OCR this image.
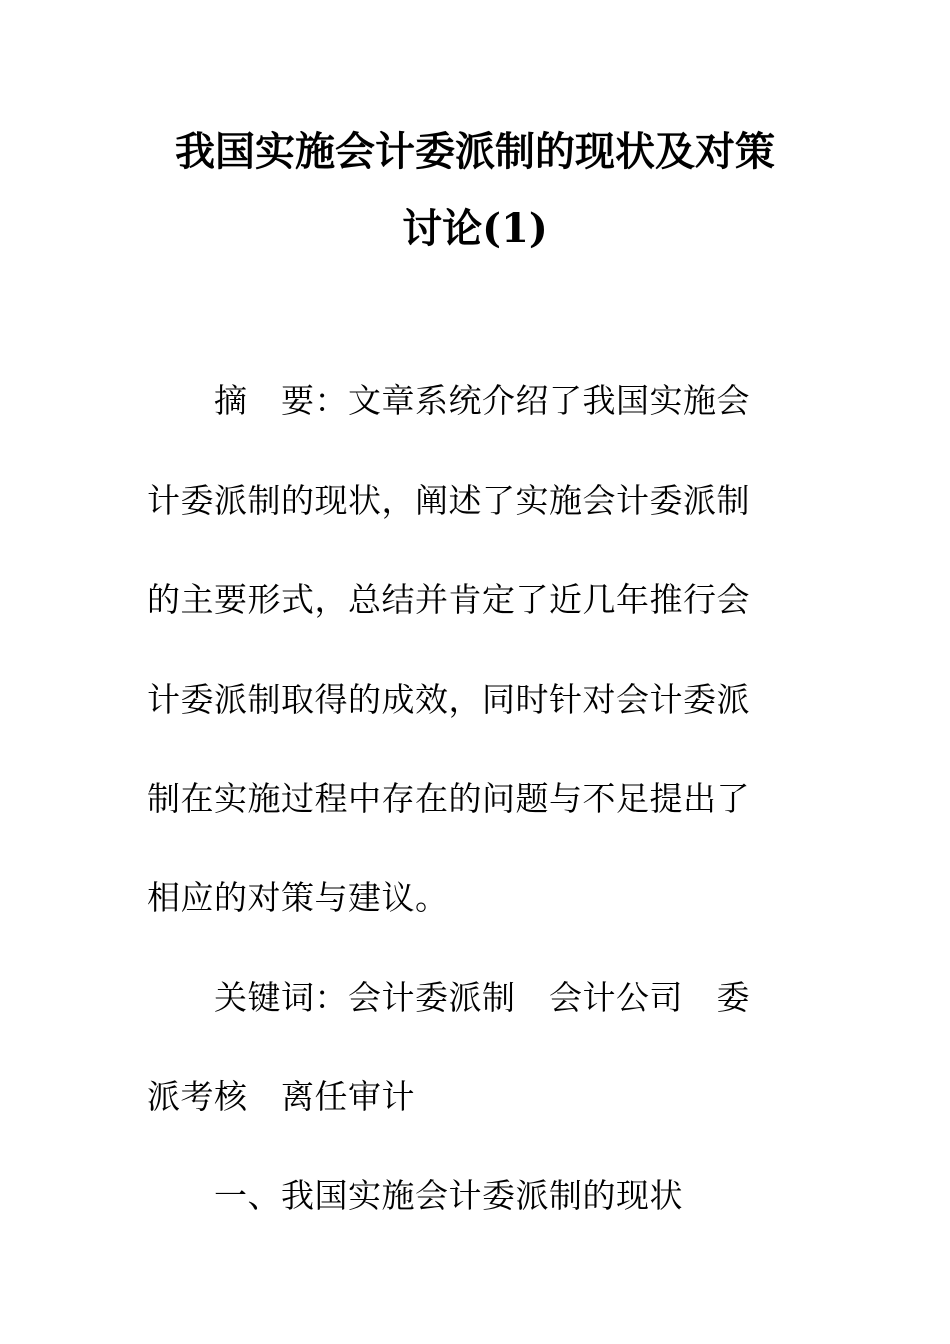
我国实施会计委派制的现状及对策
讨论(1)
摘　要：文章系统介绍了我国实施会
计委派制的现状，阐述了实施会计委派制
的主要形式，总结并肯定了近几年推行会
计委派制取得的成效，同时针对会计委派
制在实施过程中存在的问题与不足提出了
相应的对策与建议。
关键词：会计委派制　会计公司　委
派考核　离任审计
一、我国实施会计委派制的现状
